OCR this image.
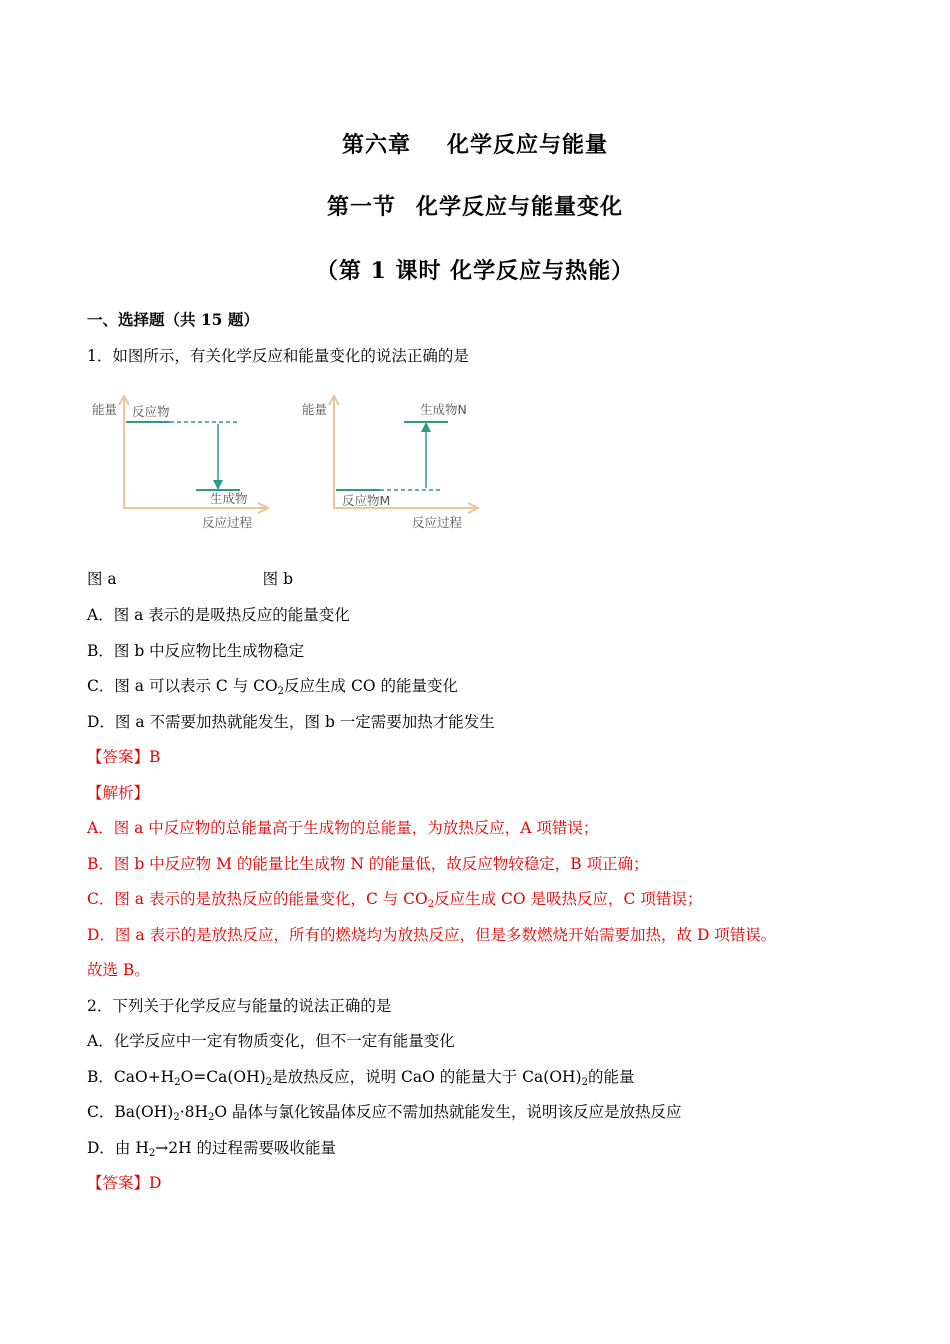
第六章 化学反应与能量
第一节 化学反应与能量变化
（第 1 课时 化学反应与热能）
一、选择题（共 15 题）
1．如图所示，有关化学反应和能量变化的说法正确的是
能量 反应物
生成物
反应过程
能量	生成物N
反应物M
反应过程
图 a	图 b
A．图 a 表示的是吸热反应的能量变化
B．图 b 中反应物比生成物稳定
C．图 a 可以表示 C 与 $CO_2$反应生成 CO 的能量变化
D．图 a 不需要加热就能发生，图 b 一定需要加热才能发生
【答案】B
【解析】
A．图 a 中反应物的总能量高于生成物的总能量，为放热反应，A 项错误；
B．图 b 中反应物 M 的能量比生成物 N 的能量低，故反应物较稳定，B 项正确；
C．图 a 表示的是放热反应的能量变化，C 与 $CO_2$反应生成 CO 是吸热反应，C 项错误；
D．图 a 表示的是放热反应，所有的燃烧均为放热反应，但是多数燃烧开始需要加热，故 D 项错误。
故选 B。
2．下列关于化学反应与能量的说法正确的是
A．化学反应中一定有物质变化，但不一定有能量变化
B．$CaO+H_2O=Ca(OH)_2$是放热反应，说明 CaO 的能量大于 $Ca(OH)_2$的能量
C．$Ba(OH)_2\cdot 8H_2O$ 晶体与氯化铵晶体反应不需加热就能发生，说明该反应是放热反应
D．由 $H_2\to 2H$ 的过程需要吸收能量
【答案】D
